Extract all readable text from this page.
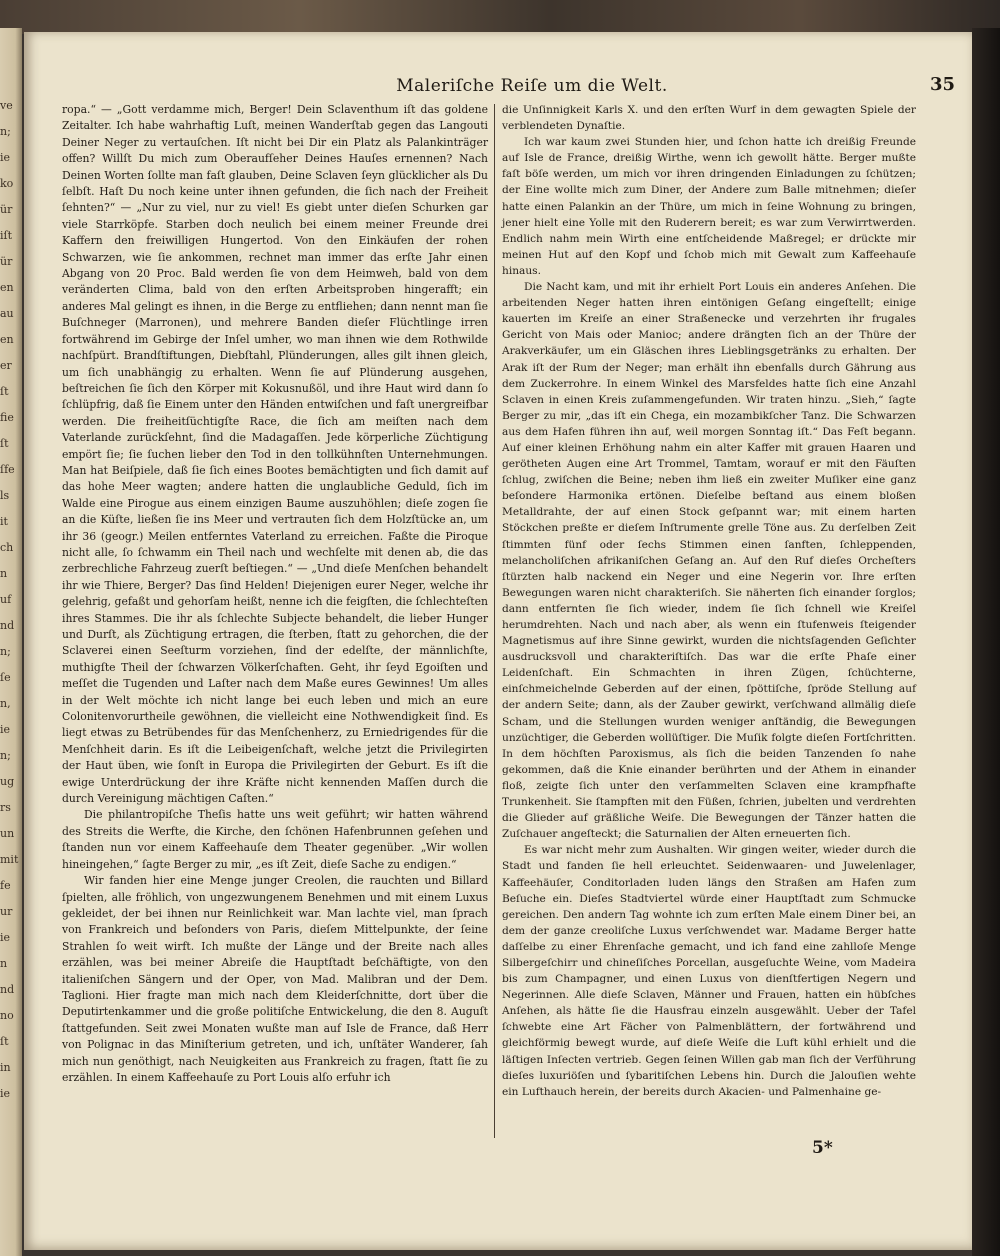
ve
n;
ie
ko
ür
iſt
ür
en
au
en
er
ſt
fie
ſt
ſfe
ls
it
ch
n
uf
nd
n;
ſe
n,
ie
n;
ug
rs
un
mit
fe
ur
ie
n
nd
no
ſt
in
ie
Maleriſche Reiſe um die Welt.	35

ropa.“ — „Gott verdamme mich, Berger! Dein Sclaventhum iſt das goldene Zeitalter. Ich habe wahrhaftig Luſt, meinen Wanderſtab gegen das Langouti Deiner Neger zu vertauſchen. Iſt nicht bei Dir ein Platz als Palankinträger offen? Willſt Du mich zum Oberaufſeher Deines Hauſes ernennen? Nach Deinen Worten ſollte man faſt glauben, Deine Sclaven ſeyn glücklicher als Du ſelbſt. Haſt Du noch keine unter ihnen gefunden, die ſich nach der Freiheit ſehnten?“ — „Nur zu viel, nur zu viel! Es giebt unter dieſen Schurken gar viele Starrköpfe. Starben doch neulich bei einem meiner Freunde drei Kaffern den freiwilligen Hungertod. Von den Einkäufen der rohen Schwarzen, wie ſie ankommen, rechnet man immer das erſte Jahr einen Abgang von 20 Proc. Bald werden ſie von dem Heimweh, bald von dem veränderten Clima, bald von den erſten Arbeitsproben hingerafft; ein anderes Mal gelingt es ihnen, in die Berge zu entfliehen; dann nennt man ſie Buſchneger (Marronen), und mehrere Banden dieſer Flüchtlinge irren fortwährend im Gebirge der Inſel umher, wo man ihnen wie dem Rothwilde nachſpürt. Brandſtiftungen, Diebſtahl, Plünderungen, alles gilt ihnen gleich, um ſich unabhängig zu erhalten. Wenn ſie auf Plünderung ausgehen, beſtreichen ſie ſich den Körper mit Kokusnußöl, und ihre Haut wird dann ſo ſchlüpfrig, daß ſie Einem unter den Händen entwiſchen und faſt unergreifbar werden. Die freiheitſüchtigſte Race, die ſich am meiſten nach dem Vaterlande zurückſehnt, ſind die Madagaſſen. Jede körperliche Züchtigung empört ſie; ſie ſuchen lieber den Tod in den tollkühnſten Unternehmungen. Man hat Beiſpiele, daß ſie ſich eines Bootes bemächtigten und ſich damit auf das hohe Meer wagten; andere hatten die unglaubliche Geduld, ſich im Walde eine Pirogue aus einem einzigen Baume auszuhöhlen; dieſe zogen ſie an die Küſte, ließen ſie ins Meer und vertrauten ſich dem Holzſtücke an, um ihr 36 (geogr.) Meilen entferntes Vaterland zu erreichen. Faßte die Piroque nicht alle, ſo ſchwamm ein Theil nach und wechſelte mit denen ab, die das zerbrechliche Fahrzeug zuerſt beſtiegen.“ — „Und dieſe Menſchen behandelt ihr wie Thiere, Berger? Das ſind Helden! Diejenigen eurer Neger, welche ihr gelehrig, gefaßt und gehorſam heißt, nenne ich die feigſten, die ſchlechteſten ihres Stammes. Die ihr als ſchlechte Subjecte behandelt, die lieber Hunger und Durſt, als Züchtigung ertragen, die ſterben, ſtatt zu gehorchen, die der Sclaverei einen Seeſturm vorziehen, ſind der edelſte, der männlichſte, muthigſte Theil der ſchwarzen Völkerſchaften. Geht, ihr ſeyd Egoiſten und meſſet die Tugenden und Laſter nach dem Maße eures Gewinnes! Um alles in der Welt möchte ich nicht lange bei euch leben und mich an eure Colonitenvorurtheile gewöhnen, die vielleicht eine Nothwendigkeit ſind. Es liegt etwas zu Betrübendes für das Menſchenherz, zu Erniedrigendes für die Menſchheit darin. Es iſt die Leibeigenſchaft, welche jetzt die Privilegirten der Haut üben, wie ſonſt in Europa die Privilegirten der Geburt. Es iſt die ewige Unterdrückung der ihre Kräfte nicht kennenden Maſſen durch die durch Vereinigung mächtigen Caſten.“

Die philantropiſche Theſis hatte uns weit geführt; wir hatten während des Streits die Werfte, die Kirche, den ſchönen Hafenbrunnen geſehen und ſtanden nun vor einem Kaffeehauſe dem Theater gegenüber. „Wir wollen hineingehen,“ ſagte Berger zu mir, „es iſt Zeit, dieſe Sache zu endigen.“

Wir fanden hier eine Menge junger Creolen, die rauchten und Billard ſpielten, alle fröhlich, von ungezwungenem Benehmen und mit einem Luxus gekleidet, der bei ihnen nur Reinlichkeit war. Man lachte viel, man ſprach von Frankreich und beſonders von Paris, dieſem Mittelpunkte, der ſeine Strahlen ſo weit wirft. Ich mußte der Länge und der Breite nach alles erzählen, was bei meiner Abreiſe die Hauptſtadt beſchäftigte, von den italieniſchen Sängern und der Oper, von Mad. Malibran und der Dem. Taglioni. Hier fragte man mich nach dem Kleiderſchnitte, dort über die Deputirtenkammer und die große politiſche Entwickelung, die den 8. Auguſt ſtattgefunden. Seit zwei Monaten wußte man auf Isle de France, daß Herr von Polignac in das Miniſterium getreten, und ich, unſtäter Wanderer, ſah mich nun genöthigt, nach Neuigkeiten aus Frankreich zu fragen, ſtatt ſie zu erzählen. In einem Kaffeehauſe zu Port Louis alſo erfuhr ich

die Unſinnigkeit Karls X. und den erſten Wurf in dem gewagten Spiele der verblendeten Dynaſtie.

Ich war kaum zwei Stunden hier, und ſchon hatte ich dreißig Freunde auf Isle de France, dreißig Wirthe, wenn ich gewollt hätte. Berger mußte faſt böſe werden, um mich vor ihren dringenden Einladungen zu ſchützen; der Eine wollte mich zum Diner, der Andere zum Balle mitnehmen; dieſer hatte einen Palankin an der Thüre, um mich in ſeine Wohnung zu bringen, jener hielt eine Yolle mit den Ruderern bereit; es war zum Verwirrtwerden. Endlich nahm mein Wirth eine entſcheidende Maßregel; er drückte mir meinen Hut auf den Kopf und ſchob mich mit Gewalt zum Kaffeehauſe hinaus.

Die Nacht kam, und mit ihr erhielt Port Louis ein anderes Anſehen. Die arbeitenden Neger hatten ihren eintönigen Geſang eingeſtellt; einige kauerten im Kreiſe an einer Straßenecke und verzehrten ihr frugales Gericht von Mais oder Manioc; andere drängten ſich an der Thüre der Arakverkäufer, um ein Gläschen ihres Lieblingsgetränks zu erhalten. Der Arak iſt der Rum der Neger; man erhält ihn ebenfalls durch Gährung aus dem Zuckerrohre. In einem Winkel des Marsfeldes hatte ſich eine Anzahl Sclaven in einen Kreis zuſammengefunden. Wir traten hinzu. „Sieh,“ ſagte Berger zu mir, „das iſt ein Chega, ein mozambikſcher Tanz. Die Schwarzen aus dem Hafen führen ihn auf, weil morgen Sonntag iſt.“ Das Feſt begann. Auf einer kleinen Erhöhung nahm ein alter Kaffer mit grauen Haaren und gerötheten Augen eine Art Trommel, Tamtam, worauf er mit den Fäuſten ſchlug, zwiſchen die Beine; neben ihm ließ ein zweiter Muſiker eine ganz beſondere Harmonika ertönen. Dieſelbe beſtand aus einem bloßen Metalldrahte, der auf einen Stock geſpannt war; mit einem harten Stöckchen preßte er dieſem Inſtrumente grelle Töne aus. Zu derſelben Zeit ſtimmten fünf oder ſechs Stimmen einen ſanften, ſchleppenden, melancholiſchen afrikaniſchen Geſang an. Auf den Ruf dieſes Orcheſters ſtürzten halb nackend ein Neger und eine Negerin vor. Ihre erſten Bewegungen waren nicht charakteriſch. Sie näherten ſich einander ſorglos; dann entfernten ſie ſich wieder, indem ſie ſich ſchnell wie Kreiſel herumdrehten. Nach und nach aber, als wenn ein ſtufenweis ſteigender Magnetismus auf ihre Sinne gewirkt, wurden die nichtsſagenden Geſichter ausdrucksvoll und charakteriſtiſch. Das war die erſte Phaſe einer Leidenſchaft. Ein Schmachten in ihren Zügen, ſchüchterne, einſchmeichelnde Geberden auf der einen, ſpöttiſche, ſpröde Stellung auf der andern Seite; dann, als der Zauber gewirkt, verſchwand allmälig dieſe Scham, und die Stellungen wurden weniger anſtändig, die Bewegungen unzüchtiger, die Geberden wollüſtiger. Die Muſik folgte dieſen Fortſchritten. In dem höchſten Paroxismus, als ſich die beiden Tanzenden ſo nahe gekommen, daß die Knie einander berührten und der Athem in einander floß, zeigte ſich unter den verſammelten Sclaven eine krampfhafte Trunkenheit. Sie ſtampften mit den Füßen, ſchrien, jubelten und verdrehten die Glieder auf gräßliche Weiſe. Die Bewegungen der Tänzer hatten die Zuſchauer angeſteckt; die Saturnalien der Alten erneuerten ſich.

Es war nicht mehr zum Aushalten. Wir gingen weiter, wieder durch die Stadt und fanden ſie hell erleuchtet. Seidenwaaren- und Juwelenlager, Kaffeehäuſer, Conditorladen luden längs den Straßen am Hafen zum Beſuche ein. Dieſes Stadtviertel würde einer Hauptſtadt zum Schmucke gereichen. Den andern Tag wohnte ich zum erſten Male einem Diner bei, an dem der ganze creoliſche Luxus verſchwendet war. Madame Berger hatte daſſelbe zu einer Ehrenſache gemacht, und ich fand eine zahlloſe Menge Silbergeſchirr und chineſiſches Porcellan, ausgeſuchte Weine, vom Madeira bis zum Champagner, und einen Luxus von dienſtfertigen Negern und Negerinnen. Alle dieſe Sclaven, Männer und Frauen, hatten ein hübſches Anſehen, als hätte ſie die Hausfrau einzeln ausgewählt. Ueber der Tafel ſchwebte eine Art Fächer von Palmenblättern, der fortwährend und gleichförmig bewegt wurde, auf dieſe Weiſe die Luft kühl erhielt und die läſtigen Inſecten vertrieb. Gegen ſeinen Willen gab man ſich der Verführung dieſes luxuriöſen und ſybaritiſchen Lebens hin. Durch die Jalouſien wehte ein Lufthauch herein, der bereits durch Akacien- und Palmenhaine ge-

5*
